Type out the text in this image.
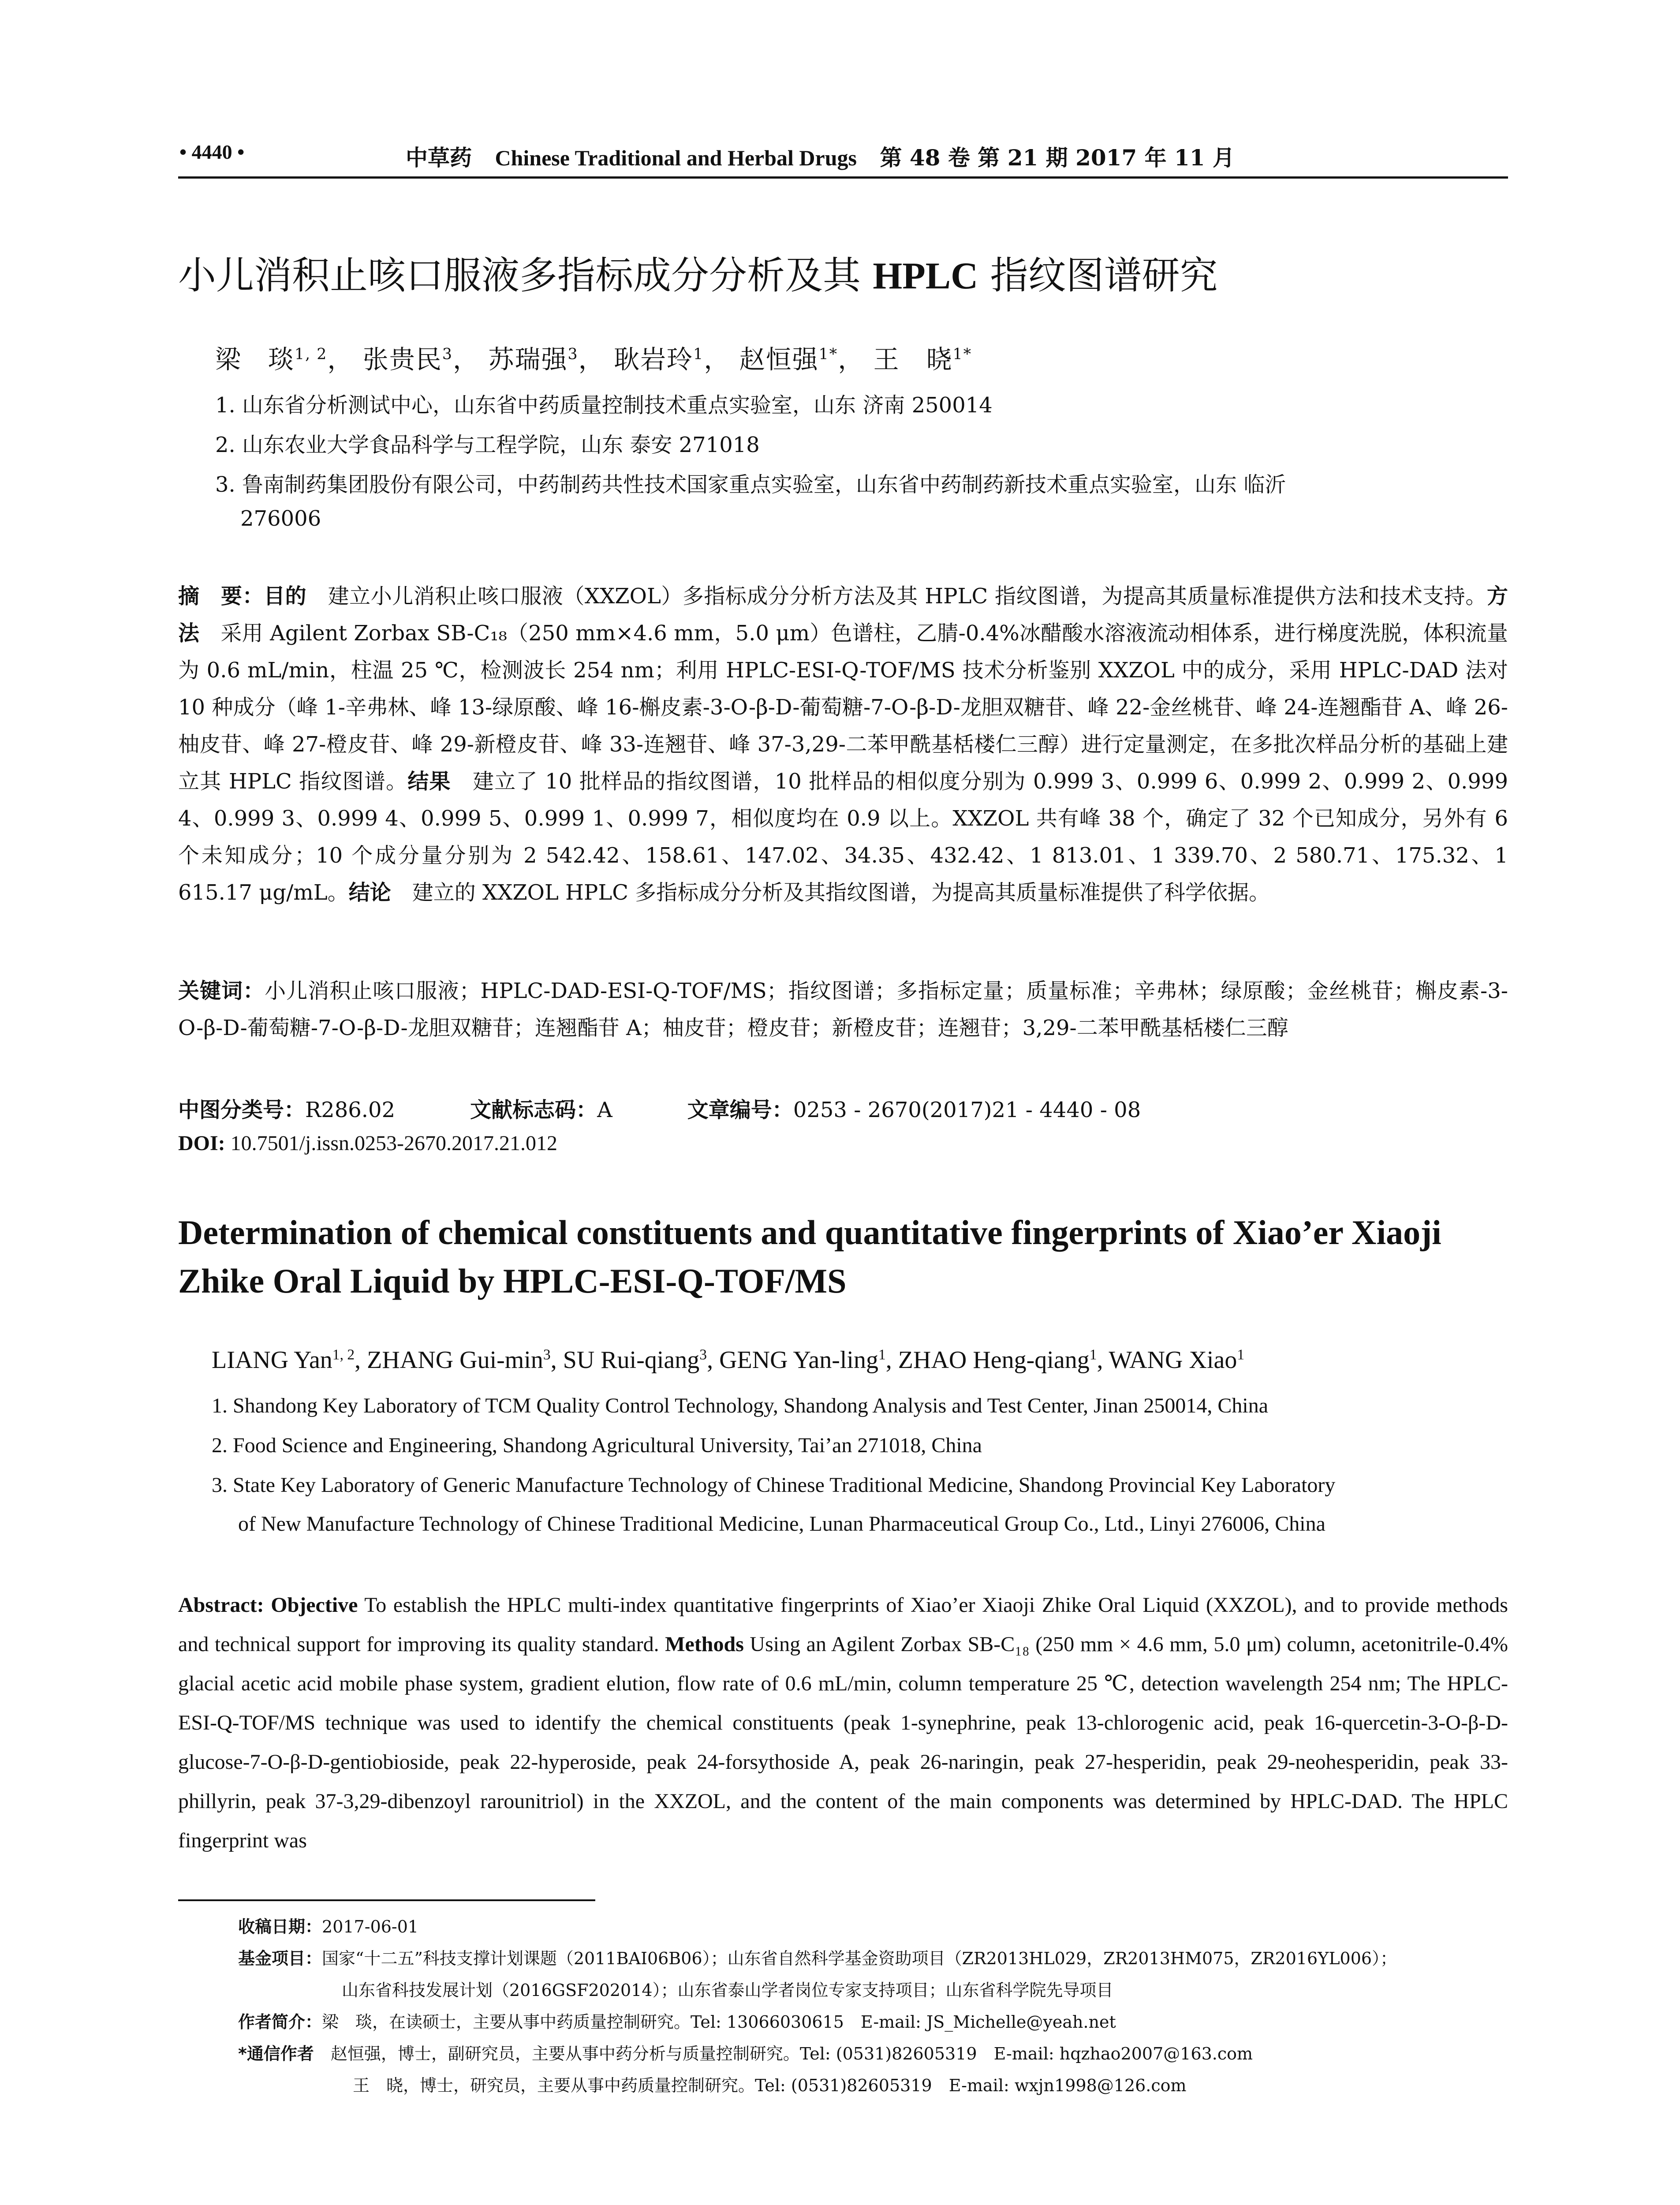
• 4440 •	中草药 Chinese Traditional and Herbal Drugs 第 48 卷 第 21 期 2017 年 11 月
小儿消积止咳口服液多指标成分分析及其 HPLC 指纹图谱研究
梁　琰$^{1, 2}$， 张贵民$^3$， 苏瑞强$^3$， 耿岩玲$^1$， 赵恒强$^{1*}$， 王　晓$^{1*}$
1. 山东省分析测试中心，山东省中药质量控制技术重点实验室，山东 济南 250014
2. 山东农业大学食品科学与工程学院，山东 泰安 271018
3. 鲁南制药集团股份有限公司，中药制药共性技术国家重点实验室，山东省中药制药新技术重点实验室，山东 临沂
276006
摘　要：目的　建立小儿消积止咳口服液（XXZOL）多指标成分分析方法及其 HPLC 指纹图谱，为提高其质量标准提供方法和技术支持。方法　采用 Agilent Zorbax SB-C₁₈（250 mm×4.6 mm，5.0 μm）色谱柱，乙腈-0.4%冰醋酸水溶液流动相体系，进行梯度洗脱，体积流量为 0.6 mL/min，柱温 25 ℃，检测波长 254 nm；利用 HPLC-ESI-Q-TOF/MS 技术分析鉴别 XXZOL 中的成分，采用 HPLC-DAD 法对 10 种成分（峰 1-辛弗林、峰 13-绿原酸、峰 16-槲皮素-3-O-β-D-葡萄糖-7-O-β-D-龙胆双糖苷、峰 22-金丝桃苷、峰 24-连翘酯苷 A、峰 26-柚皮苷、峰 27-橙皮苷、峰 29-新橙皮苷、峰 33-连翘苷、峰 37-3,29-二苯甲酰基栝楼仁三醇）进行定量测定，在多批次样品分析的基础上建立其 HPLC 指纹图谱。结果　建立了 10 批样品的指纹图谱，10 批样品的相似度分别为 0.999 3、0.999 6、0.999 2、0.999 2、0.999 4、0.999 3、0.999 4、0.999 5、0.999 1、0.999 7，相似度均在 0.9 以上。XXZOL 共有峰 38 个，确定了 32 个已知成分，另外有 6 个未知成分；10 个成分量分别为 2 542.42、158.61、147.02、34.35、432.42、1 813.01、1 339.70、2 580.71、175.32、1 615.17 μg/mL。结论　建立的 XXZOL HPLC 多指标成分分析及其指纹图谱，为提高其质量标准提供了科学依据。
关键词：小儿消积止咳口服液；HPLC-DAD-ESI-Q-TOF/MS；指纹图谱；多指标定量；质量标准；辛弗林；绿原酸；金丝桃苷；槲皮素-3-O-β-D-葡萄糖-7-O-β-D-龙胆双糖苷；连翘酯苷 A；柚皮苷；橙皮苷；新橙皮苷；连翘苷；3,29-二苯甲酰基栝楼仁三醇
中图分类号：R286.02	文献标志码：A	文章编号：0253 - 2670(2017)21 - 4440 - 08
DOI: 10.7501/j.issn.0253-2670.2017.21.012
Determination of chemical constituents and quantitative fingerprints of Xiao’er Xiaoji Zhike Oral Liquid by HPLC-ESI-Q-TOF/MS
LIANG Yan$^{1, 2}$, ZHANG Gui-$\min^3$, SU Rui-qiang$^3$, GENG Yan-ling$^1$, ZHAO Heng-qiang$^1$, WANG Xiao$^1$
1. Shandong Key Laboratory of TCM Quality Control Technology, Shandong Analysis and Test Center, Jinan 250014, China
2. Food Science and Engineering, Shandong Agricultural University, Tai’an 271018, China
3. State Key Laboratory of Generic Manufacture Technology of Chinese Traditional Medicine, Shandong Provincial Key Laboratory
of New Manufacture Technology of Chinese Traditional Medicine, Lunan Pharmaceutical Group Co., Ltd., Linyi 276006, China
Abstract: Objective To establish the HPLC multi-index quantitative fingerprints of Xiao’er Xiaoji Zhike Oral Liquid (XXZOL), and to provide methods and technical support for improving its quality standard. Methods Using an Agilent Zorbax SB-C₁₈ (250 mm × 4.6 mm, 5.0 μm) column, acetonitrile-0.4% glacial acetic acid mobile phase system, gradient elution, flow rate of 0.6 mL/min, column temperature 25 ℃, detection wavelength 254 nm; The HPLC-ESI-Q-TOF/MS technique was used to identify the chemical constituents (peak 1-synephrine, peak 13-chlorogenic acid, peak 16-quercetin-3-O-β-D-glucose-7-O-β-D-gentiobioside, peak 22-hyperoside, peak 24-forsythoside A, peak 26-naringin, peak 27-hesperidin, peak 29-neohesperidin, peak 33-phillyrin, peak 37-3,29-dibenzoyl rarounitriol) in the XXZOL, and the content of the main components was determined by HPLC-DAD. The HPLC fingerprint was
收稿日期：2017-06-01
基金项目：国家“十二五”科技支撑计划课题（2011BAI06B06）；山东省自然科学基金资助项目（ZR2013HL029，ZR2013HM075，ZR2016YL006）；
山东省科技发展计划（2016GSF202014）；山东省泰山学者岗位专家支持项目；山东省科学院先导项目
作者简介：梁　琰，在读硕士，主要从事中药质量控制研究。Tel: 13066030615　E-mail: JS_Michelle@yeah.net
*通信作者　赵恒强，博士，副研究员，主要从事中药分析与质量控制研究。Tel: (0531)82605319　E-mail: hqzhao2007@163.com
王　晓，博士，研究员，主要从事中药质量控制研究。Tel: (0531)82605319　E-mail: wxjn1998@126.com
